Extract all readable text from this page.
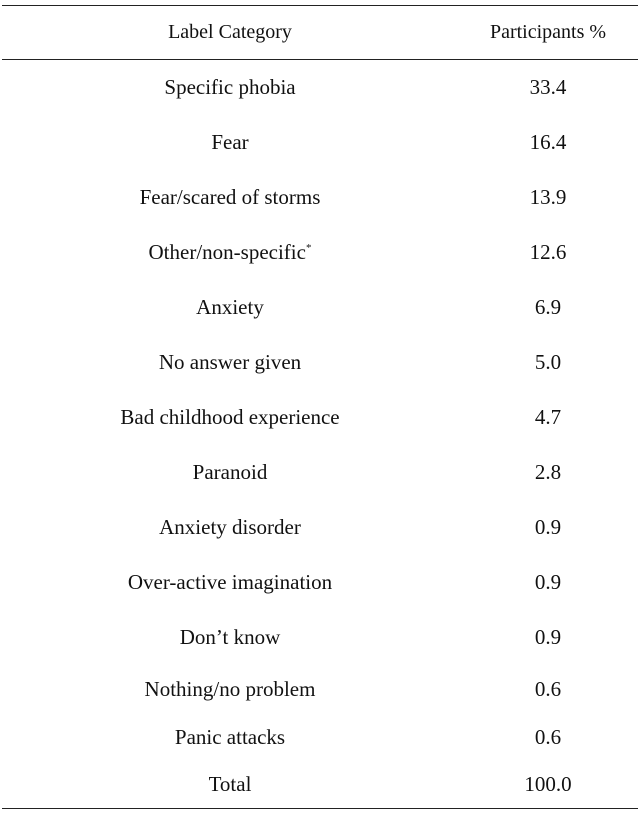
Label Category	Participants %
Specific phobia	33.4
Fear	16.4
Fear/scared of storms	13.9
Other/non-specific*	12.6
Anxiety	6.9
No answer given	5.0
Bad childhood experience	4.7
Paranoid	2.8
Anxiety disorder	0.9
Over-active imagination	0.9
Don’t know	0.9
Nothing/no problem	0.6
Panic attacks	0.6
Total	100.0
